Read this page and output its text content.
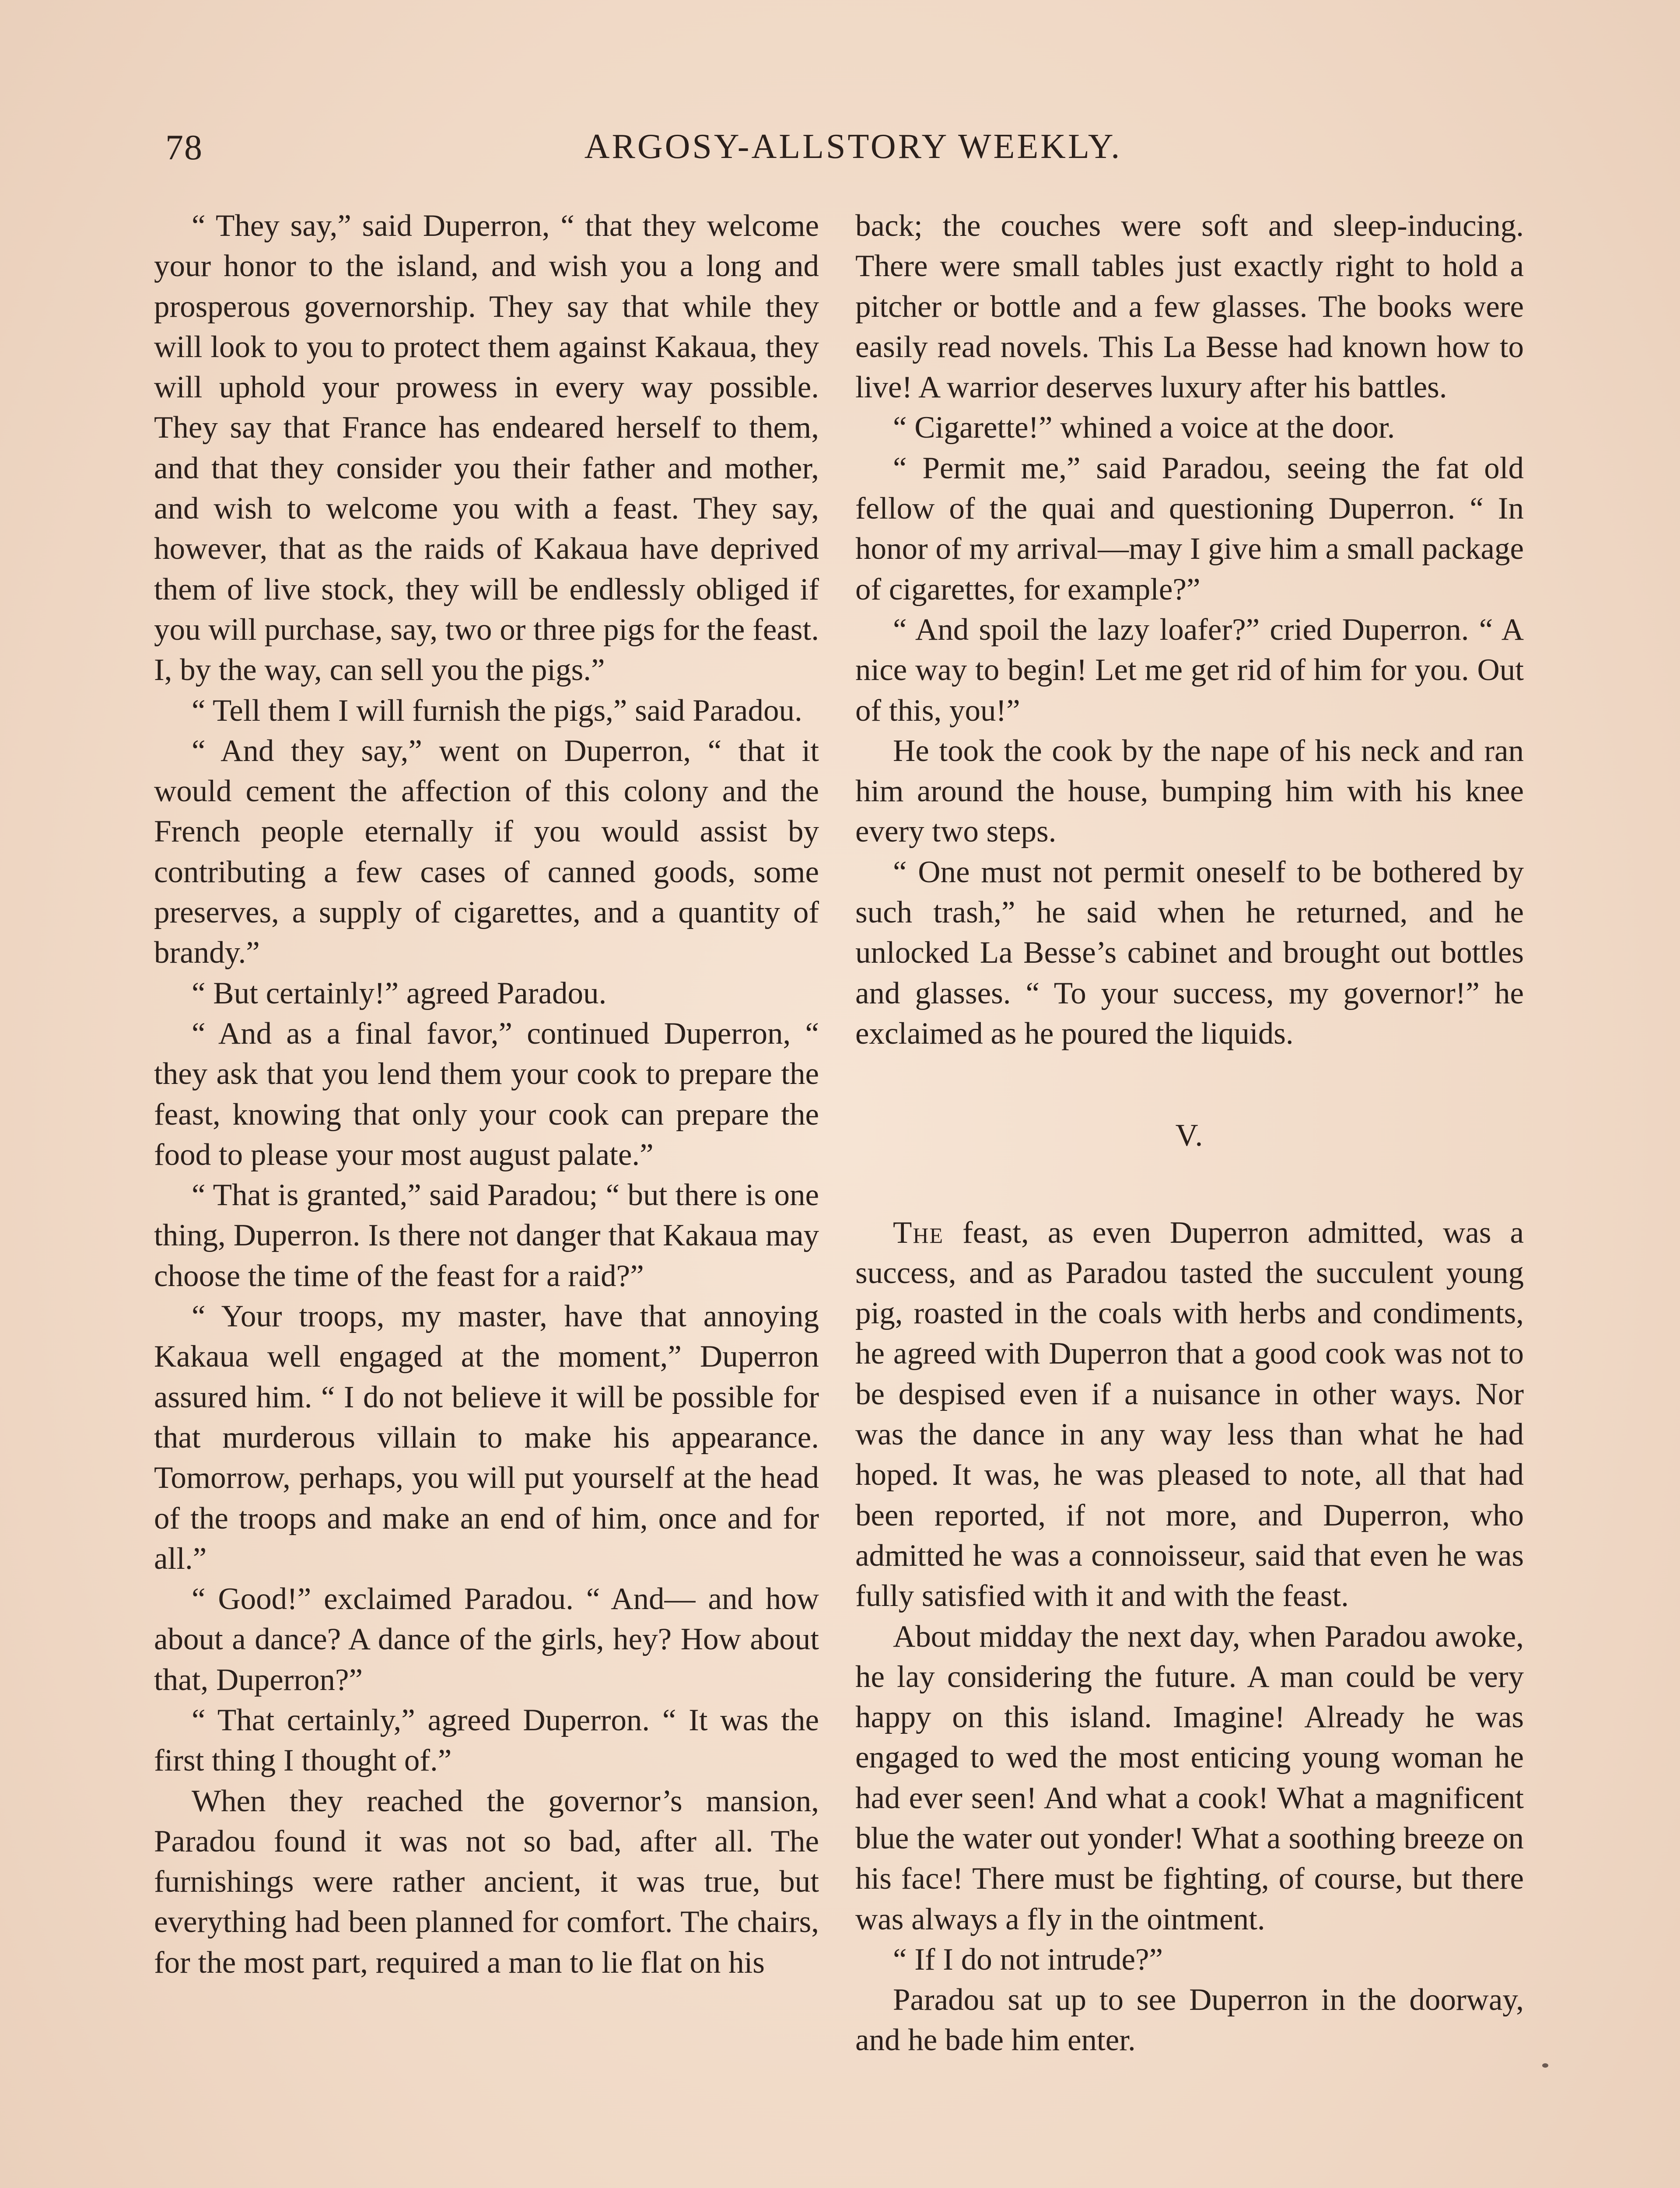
78	ARGOSY-ALLSTORY WEEKLY.

“ They say,” said Duperron, “ that they welcome your honor to the island, and wish you a long and prosperous governorship. They say that while they will look to you to protect them against Kakaua, they will uphold your prowess in every way possible. They say that France has endeared herself to them, and that they consider you their father and mother, and wish to welcome you with a feast. They say, however, that as the raids of Kakaua have deprived them of live stock, they will be endlessly obliged if you will purchase, say, two or three pigs for the feast. I, by the way, can sell you the pigs.”

“ Tell them I will furnish the pigs,” said Paradou.

“ And they say,” went on Duperron, “ that it would cement the affection of this colony and the French people eternally if you would assist by contributing a few cases of canned goods, some preserves, a supply of cigarettes, and a quantity of brandy.”

“ But certainly!” agreed Paradou.

“ And as a final favor,” continued Duperron, “ they ask that you lend them your cook to prepare the feast, knowing that only your cook can prepare the food to please your most august palate.”

“ That is granted,” said Paradou; “ but there is one thing, Duperron. Is there not danger that Kakaua may choose the time of the feast for a raid?”

“ Your troops, my master, have that annoying Kakaua well engaged at the moment,” Duperron assured him. “ I do not believe it will be possible for that murderous villain to make his appearance. Tomorrow, perhaps, you will put yourself at the head of the troops and make an end of him, once and for all.”

“ Good!” exclaimed Paradou. “ And— and how about a dance? A dance of the girls, hey? How about that, Duperron?”

“ That certainly,” agreed Duperron. “ It was the first thing I thought of.”

When they reached the governor’s mansion, Paradou found it was not so bad, after all. The furnishings were rather ancient, it was true, but everything had been planned for comfort. The chairs, for the most part, required a man to lie flat on his

back; the couches were soft and sleep-inducing. There were small tables just exactly right to hold a pitcher or bottle and a few glasses. The books were easily read novels. This La Besse had known how to live! A warrior deserves luxury after his battles.

“ Cigarette!” whined a voice at the door.

“ Permit me,” said Paradou, seeing the fat old fellow of the quai and questioning Duperron. “ In honor of my arrival—may I give him a small package of cigarettes, for example?”

“ And spoil the lazy loafer?” cried Duperron. “ A nice way to begin! Let me get rid of him for you. Out of this, you!”

He took the cook by the nape of his neck and ran him around the house, bumping him with his knee every two steps.

“ One must not permit oneself to be bothered by such trash,” he said when he returned, and he unlocked La Besse’s cabinet and brought out bottles and glasses. “ To your success, my governor!” he exclaimed as he poured the liquids.

V.

The feast, as even Duperron admitted, was a success, and as Paradou tasted the succulent young pig, roasted in the coals with herbs and condiments, he agreed with Duperron that a good cook was not to be despised even if a nuisance in other ways. Nor was the dance in any way less than what he had hoped. It was, he was pleased to note, all that had been reported, if not more, and Duperron, who admitted he was a connoisseur, said that even he was fully satisfied with it and with the feast.

About midday the next day, when Paradou awoke, he lay considering the future. A man could be very happy on this island. Imagine! Already he was engaged to wed the most enticing young woman he had ever seen! And what a cook! What a magnificent blue the water out yonder! What a soothing breeze on his face! There must be fighting, of course, but there was always a fly in the ointment.

“ If I do not intrude?”

Paradou sat up to see Duperron in the doorway, and he bade him enter.
